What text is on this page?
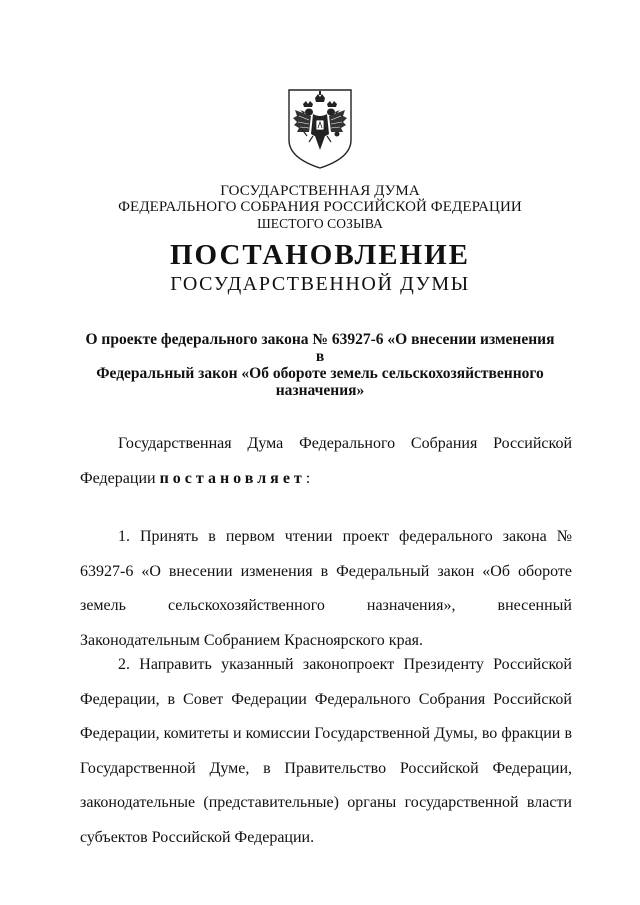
ГОСУДАРСТВЕННАЯ ДУМА
ФЕДЕРАЛЬНОГО СОБРАНИЯ РОССИЙСКОЙ ФЕДЕРАЦИИ
ШЕСТОГО СОЗЫВА
ПОСТАНОВЛЕНИЕ
ГОСУДАРСТВЕННОЙ ДУМЫ
О проекте федерального закона № 63927-6 «О внесении изменения в
Федеральный закон «Об обороте земель сельскохозяйственного
назначения»

Государственная Дума Федерального Собрания Российской Федерации постановляет:

1. Принять в первом чтении проект федерального закона № 63927-6 «О внесении изменения в Федеральный закон «Об обороте земель сельскохозяйственного назначения», внесенный Законодательным Собранием Красноярского края.

2. Направить указанный законопроект Президенту Российской Федерации, в Совет Федерации Федерального Собрания Российской Федерации, комитеты и комиссии Государственной Думы, во фракции в Государственной Думе, в Правительство Российской Федерации, законодательные (представительные) органы государственной власти субъектов Российской Федерации.
